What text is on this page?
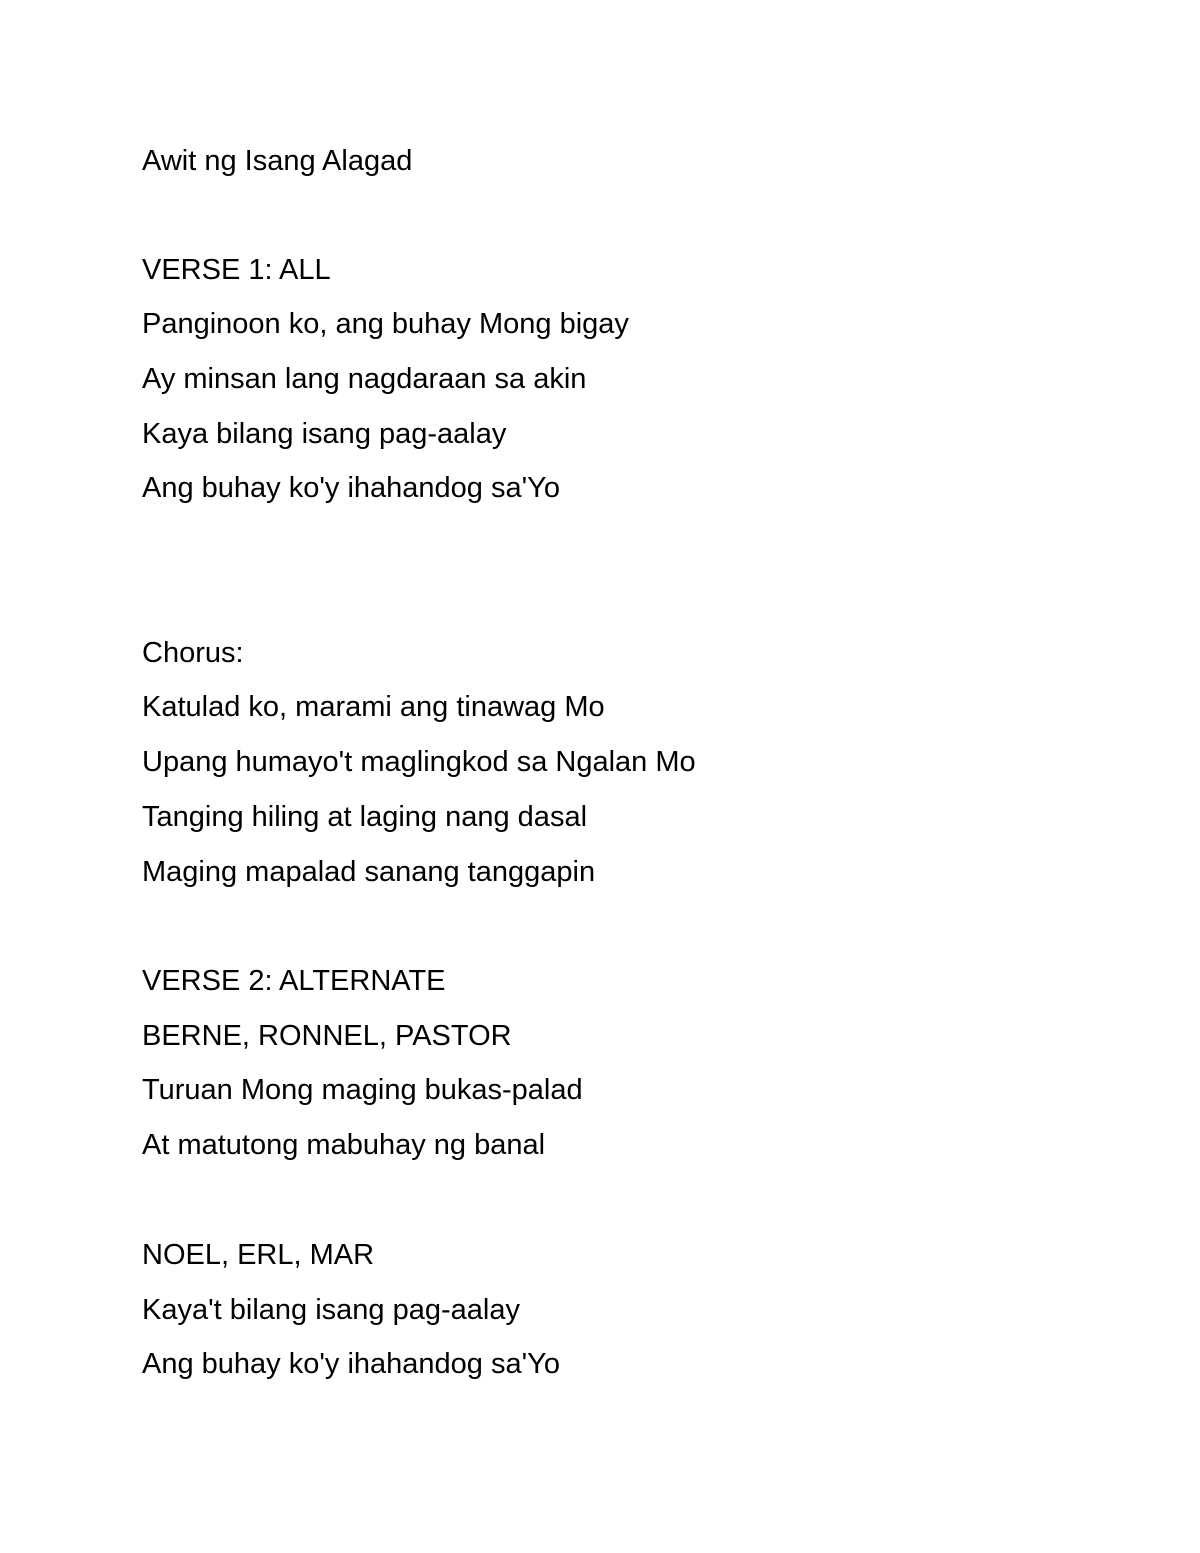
Awit ng Isang Alagad

VERSE 1: ALL

Panginoon ko, ang buhay Mong bigay

Ay minsan lang nagdaraan sa akin

Kaya bilang isang pag-aalay

Ang buhay ko'y ihahandog sa'Yo

Chorus:

Katulad ko, marami ang tinawag Mo

Upang humayo't maglingkod sa Ngalan Mo

Tanging hiling at laging nang dasal

Maging mapalad sanang tanggapin

VERSE 2: ALTERNATE

BERNE, RONNEL, PASTOR

Turuan Mong maging bukas-palad

At matutong mabuhay ng banal

NOEL, ERL, MAR

Kaya't bilang isang pag-aalay

Ang buhay ko'y ihahandog sa'Yo
